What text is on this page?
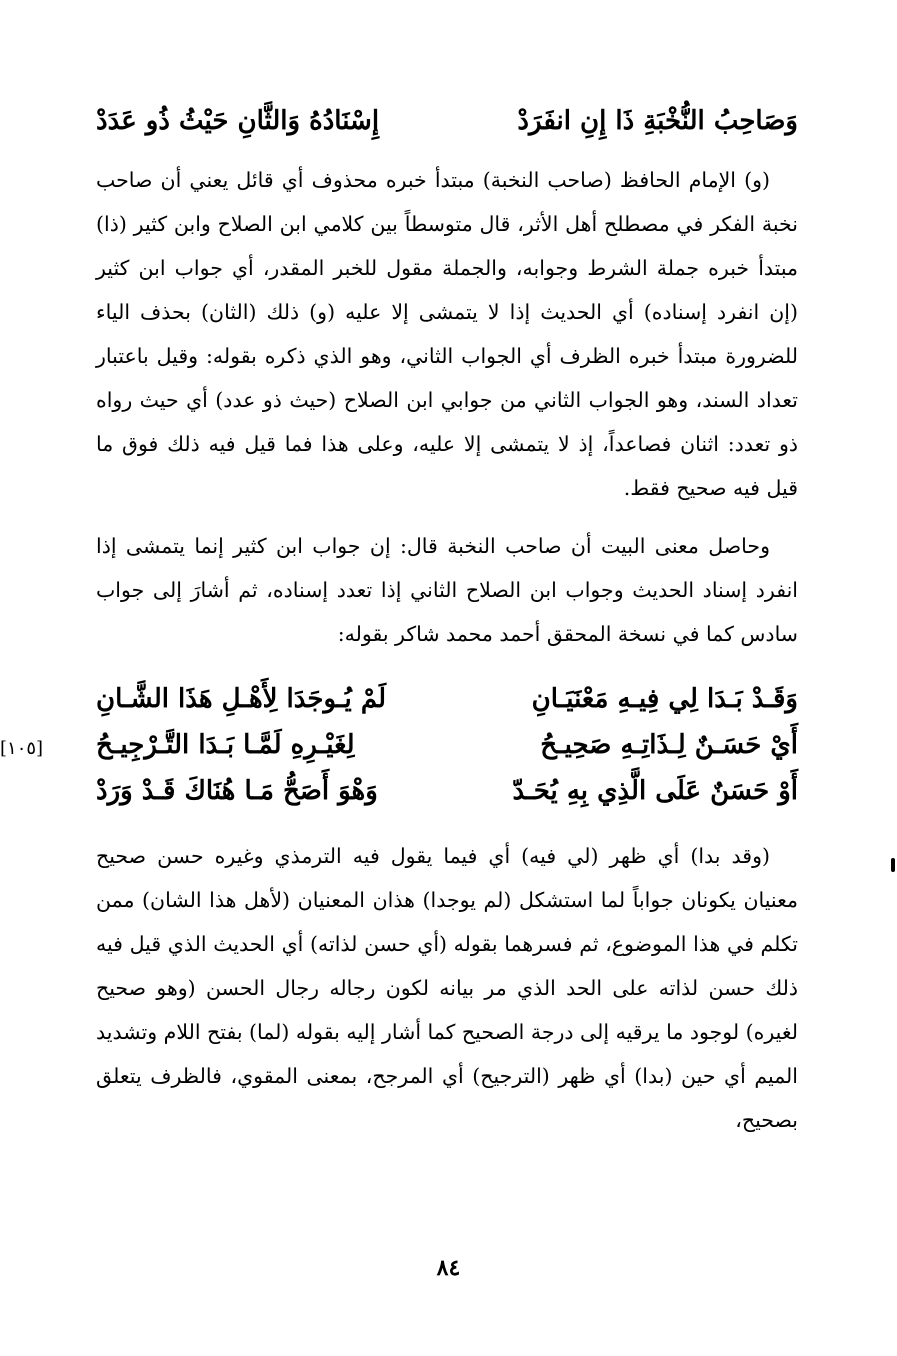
وَصَاحِبُ النُّخْبَةِ ذَا إِنِ انفَرَدْ
إِسْنَادُهُ وَالثَّانِ حَيْثُ ذُو عَدَدْ

(و) الإمام الحافظ (صاحب النخبة) مبتدأ خبره محذوف أي قائل يعني أن صاحب نخبة الفكر في مصطلح أهل الأثر، قال متوسطاً بين كلامي ابن الصلاح وابن كثير (ذا) مبتدأ خبره جملة الشرط وجوابه، والجملة مقول للخبر المقدر، أي جواب ابن كثير (إن انفرد إسناده) أي الحديث إذا لا يتمشى إلا عليه (و) ذلك (الثان) بحذف الياء للضرورة مبتدأ خبره الظرف أي الجواب الثاني، وهو الذي ذكره بقوله: وقيل باعتبار تعداد السند، وهو الجواب الثاني من جوابي ابن الصلاح (حيث ذو عدد) أي حيث رواه ذو تعدد: اثنان فصاعداً، إذ لا يتمشى إلا عليه، وعلى هذا فما قيل فيه ذلك فوق ما قيل فيه صحيح فقط.

وحاصل معنى البيت أن صاحب النخبة قال: إن جواب ابن كثير إنما يتمشى إذا انفرد إسناد الحديث وجواب ابن الصلاح الثاني إذا تعدد إسناده، ثم أشارَ إلى جواب سادس كما في نسخة المحقق أحمد محمد شاكر بقوله:

[١٠٥]
وَقَـدْ بَـدَا لِي فِيـهِ مَعْنَيَـانِ
لَمْ يُـوجَدَا لِأَهْـلِ هَذَا الشَّـانِ
أَيْ حَسَـنٌ لِـذَاتِـهِ صَحِيـحُ
لِغَيْـرِهِ لَمَّـا بَـدَا التَّـرْجِيـحُ
أَوْ حَسَنٌ عَلَى الَّذِي بِهِ يُحَـدّ
وَهْوَ أَصَحُّ مَـا هُنَاكَ قَـدْ وَرَدْ

(وقد بدا) أي ظهر (لي فيه) أي فيما يقول فيه الترمذي وغيره حسن صحيح معنيان يكونان جواباً لما استشكل (لم يوجدا) هذان المعنيان (لأهل هذا الشان) ممن تكلم في هذا الموضوع، ثم فسرهما بقوله (أي حسن لذاته) أي الحديث الذي قيل فيه ذلك حسن لذاته على الحد الذي مر بيانه لكون رجاله رجال الحسن (وهو صحيح لغيره) لوجود ما يرقيه إلى درجة الصحيح كما أشار إليه بقوله (لما) بفتح اللام وتشديد الميم أي حين (بدا) أي ظهر (الترجيح) أي المرجح، بمعنى المقوي، فالظرف يتعلق بصحيح،

٨٤
